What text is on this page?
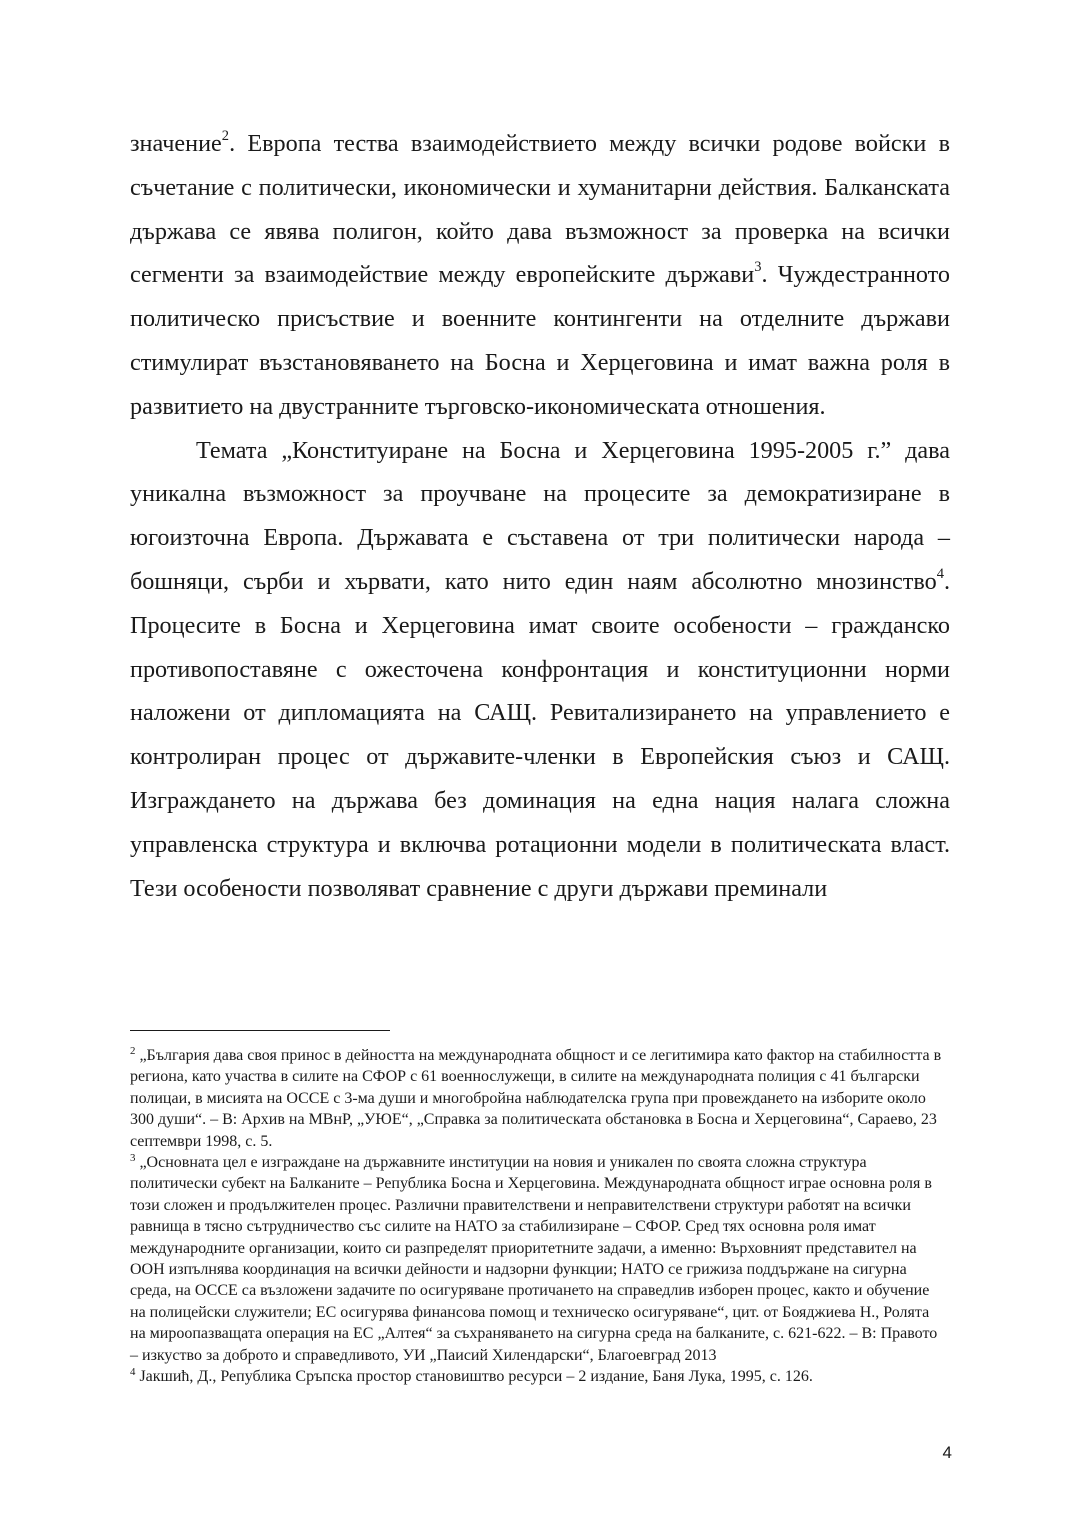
значение$^2$. Европа тества взаимодействието между всички родове войски в съчетание с политически, икономически и хуманитарни действия. Балканската държава се явява полигон, който дава възможност за проверка на всички сегменти за взаимодействие между европейските държави$^3$. Чуждестранното политическо присъствие и военните контингенти на отделните държави стимулират възстановяването на Босна и Херцеговина и имат важна роля в развитието на двустранните търговско-икономическата отношения.

Темата „Конституиране на Босна и Херцеговина 1995-2005 г.” дава уникална възможност за проучване на процесите за демократизиране в югоизточна Европа. Държавата е съставена от три политически народа – бошняци, сърби и хървати, като нито един наям абсолютно мнозинство$^4$. Процесите в Босна и Херцеговина имат своите особености – гражданско противопоставяне с ожесточена конфронтация и конституционни норми наложени от дипломацията на САЩ. Ревитализирането на управлението е контролиран процес от държавите-членки в Европейския съюз и САЩ. Изграждането на държава без доминация на една нация налага сложна управленска структура и включва ротационни модели в политическата власт. Тези особености позволяват сравнение с други държави преминали

$^2$ „България дава своя принос в дейността на международната общност и се легитимира като фактор на стабилността в региона, като участва в силите на СФОР с 61 военнослужещи, в силите на международната полиция с 41 български полицаи, в мисията на ОССЕ с 3-ма души и многобройна наблюдателска група при провеждането на изборите около 300 души“. – В: Архив на МВнР, „УЮЕ“, „Справка за политическата обстановка в Босна и Херцеговина“, Сараево, 23 септември 1998, с. 5.

$^3$ „Основната цел е изграждане на държавните институции на новия и уникален по своята сложна структура политически субект на Балканите – Република Босна и Херцеговина. Международната общност играе основна роля в този сложен и продължителен процес. Различни правителствени и неправителствени структури работят на всички равнища в тясно сътрудничество със силите на НАТО за стабилизиране – СФОР. Сред тях основна роля имат международните организации, които си разпределят приоритетните задачи, а именно: Върховният представител на ООН изпълнява координация на всички дейности и надзорни функции; НАТО се грижиза поддържане на сигурна среда, на ОССЕ са възложени задачите по осигуряване протичането на справедлив изборен процес, както и обучение на полицейски служители; ЕС осигурява финансова помощ и техническо осигуряване“, цит. от Бояджиева Н., Ролята на мироопазващата операция на ЕС „Алтея“ за съхраняването на сигурна среда на балканите, с. 621-622. – В: Правото – изкуство за доброто и справедливото, УИ „Паисий Хилендарски“, Благоевград 2013

$^4$ Јакшић, Д., Република Сръпска простор становиштво ресурси – 2 издание, Баня Лука, 1995, с. 126.

4
